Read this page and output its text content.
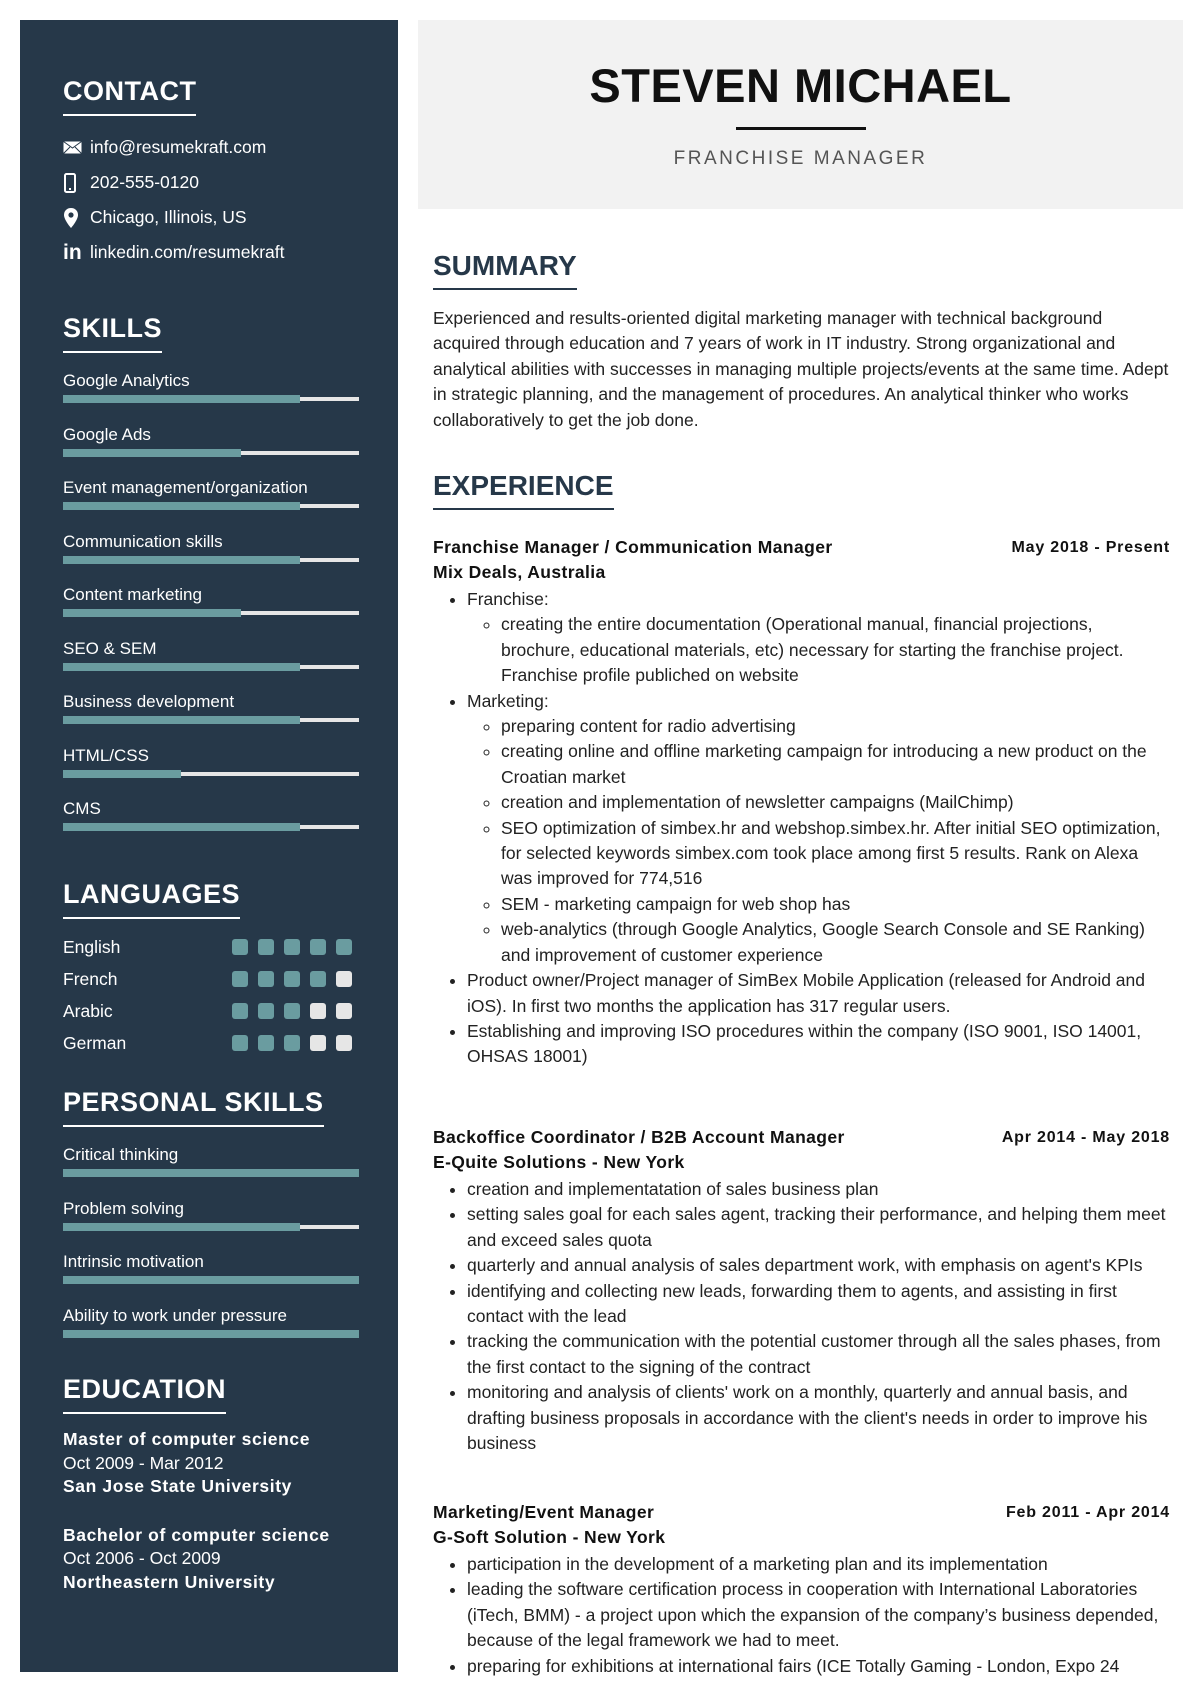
CONTACT
info@resumekraft.com
202-555-0120
Chicago, Illinois, US
in linkedin.com/resumekraft
SKILLS
Google Analytics
Google Ads
Event management/organization
Communication skills
Content marketing
SEO & SEM
Business development
HTML/CSS
CMS
LANGUAGES
English
French
Arabic
German
PERSONAL SKILLS
Critical thinking
Problem solving
Intrinsic motivation
Ability to work under pressure
EDUCATION
Master of computer science
Oct 2009 - Mar 2012
San Jose State University
Bachelor of computer science
Oct 2006 - Oct 2009
Northeastern University
STEVEN MICHAEL
FRANCHISE MANAGER
SUMMARY
Experienced and results-oriented digital marketing manager with technical background acquired through education and 7 years of work in IT industry. Strong organizational and analytical abilities with successes in managing multiple projects/events at the same time. Adept in strategic planning, and the management of procedures. An analytical thinker who works collaboratively to get the job done.
EXPERIENCE
Franchise Manager / Communication Manager	May 2018 - Present
Mix Deals, Australia
• Franchise:
◦ creating the entire documentation (Operational manual, financial projections, brochure, educational materials, etc) necessary for starting the franchise project. Franchise profile publiched on website
• Marketing:
◦ preparing content for radio advertising
◦ creating online and offline marketing campaign for introducing a new product on the Croatian market
◦ creation and implementation of newsletter campaigns (MailChimp)
◦ SEO optimization of simbex.hr and webshop.simbex.hr. After initial SEO optimization, for selected keywords simbex.com took place among first 5 results. Rank on Alexa was improved for 774,516
◦ SEM - marketing campaign for web shop has
◦ web-analytics (through Google Analytics, Google Search Console and SE Ranking) and improvement of customer experience
• Product owner/Project manager of SimBex Mobile Application (released for Android and iOS). In first two months the application has 317 regular users.
• Establishing and improving ISO procedures within the company (ISO 9001, ISO 14001, OHSAS 18001)
Backoffice Coordinator / B2B Account Manager	Apr 2014 - May 2018
E-Quite Solutions - New York
• creation and implementatation of sales business plan
• setting sales goal for each sales agent, tracking their performance, and helping them meet and exceed sales quota
• quarterly and annual analysis of sales department work, with emphasis on agent's KPIs
• identifying and collecting new leads, forwarding them to agents, and assisting in first contact with the lead
• tracking the communication with the potential customer through all the sales phases, from the first contact to the signing of the contract
• monitoring and analysis of clients' work on a monthly, quarterly and annual basis, and drafting business proposals in accordance with the client's needs in order to improve his business
Marketing/Event Manager	Feb 2011 - Apr 2014
G-Soft Solution - New York
• participation in the development of a marketing plan and its implementation
• leading the software certification process in cooperation with International Laboratories (iTech, BMM) - a project upon which the expansion of the company’s business depended, because of the legal framework we had to meet.
• preparing for exhibitions at international fairs (ICE Totally Gaming - London, Expo 24
